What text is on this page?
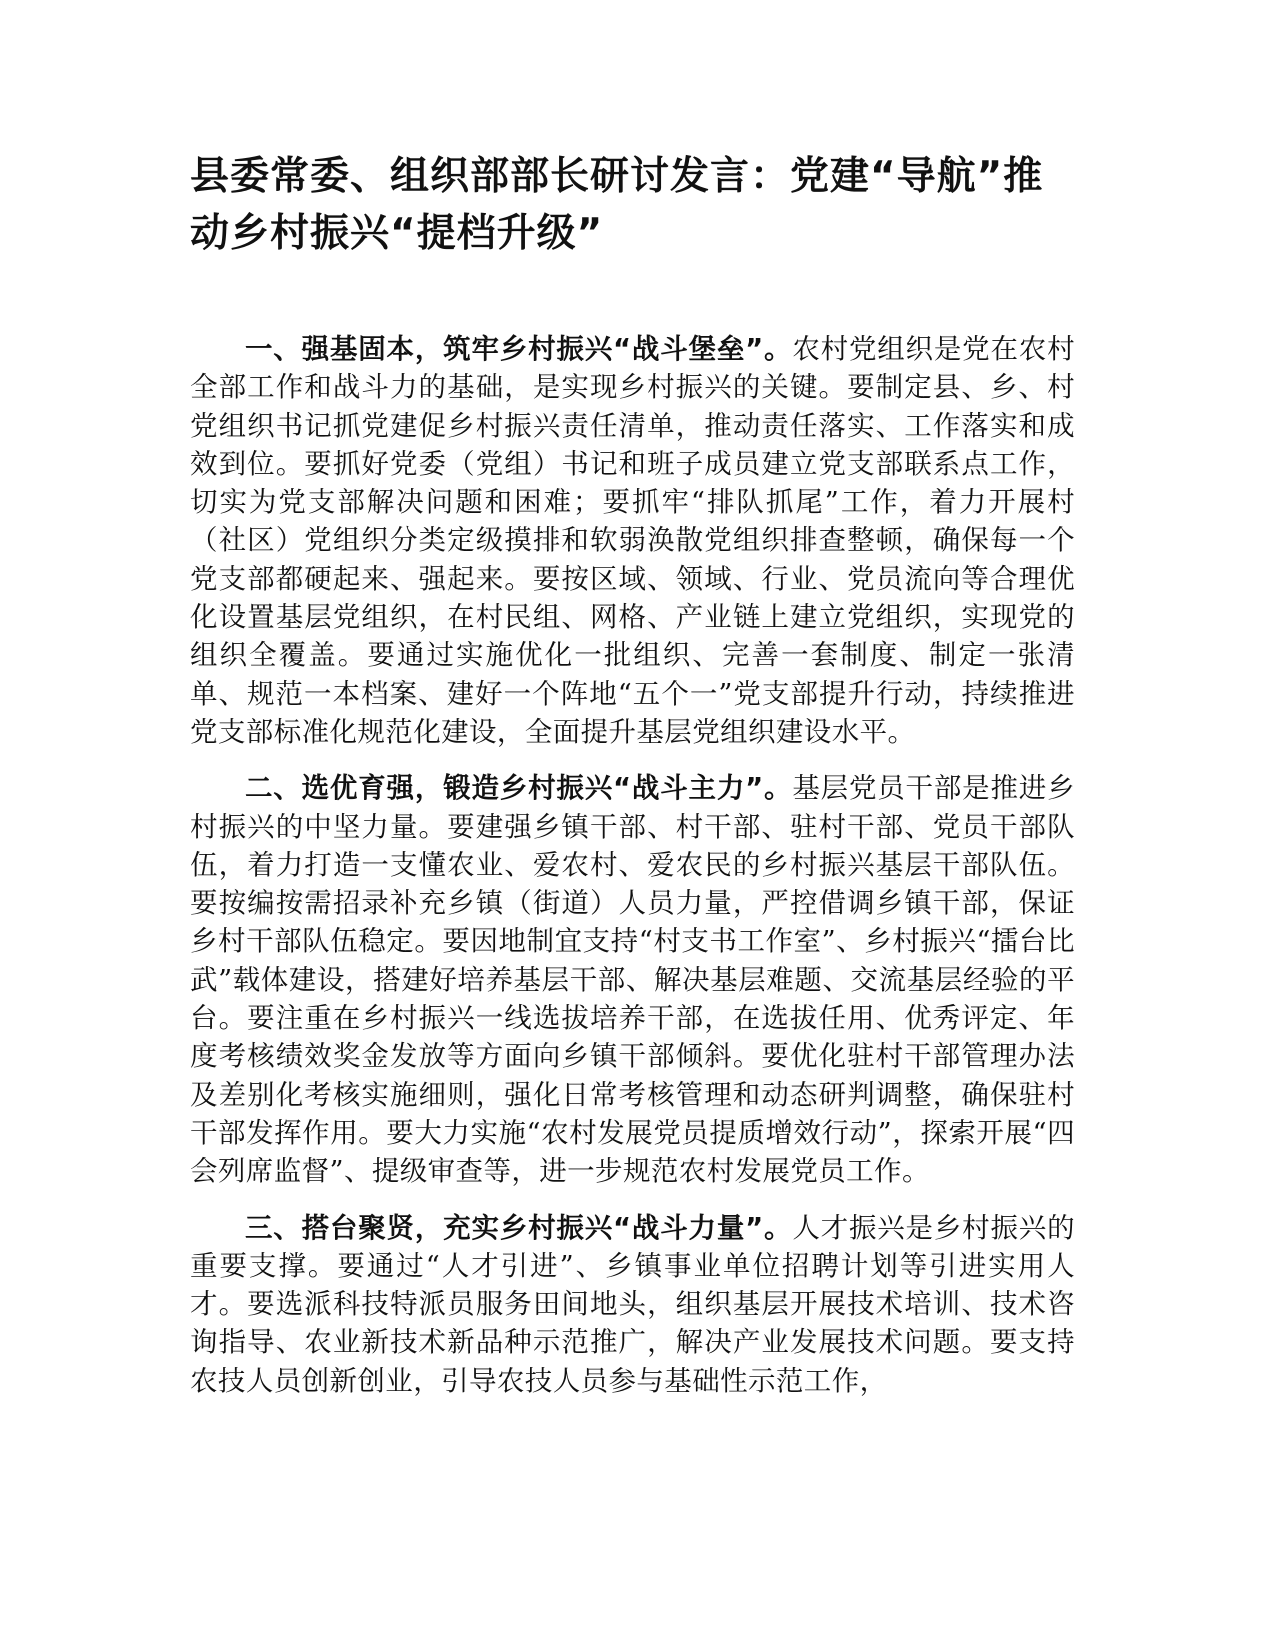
县委常委、组织部部长研讨发言：党建“导航”推动乡村振兴“提档升级”

一、强基固本，筑牢乡村振兴“战斗堡垒”。农村党组织是党在农村全部工作和战斗力的基础，是实现乡村振兴的关键。要制定县、乡、村党组织书记抓党建促乡村振兴责任清单，推动责任落实、工作落实和成效到位。要抓好党委（党组）书记和班子成员建立党支部联系点工作，切实为党支部解决问题和困难；要抓牢“排队抓尾”工作，着力开展村（社区）党组织分类定级摸排和软弱涣散党组织排查整顿，确保每一个党支部都硬起来、强起来。要按区域、领域、行业、党员流向等合理优化设置基层党组织，在村民组、网格、产业链上建立党组织，实现党的组织全覆盖。要通过实施优化一批组织、完善一套制度、制定一张清单、规范一本档案、建好一个阵地“五个一”党支部提升行动，持续推进党支部标准化规范化建设，全面提升基层党组织建设水平。

二、选优育强，锻造乡村振兴“战斗主力”。基层党员干部是推进乡村振兴的中坚力量。要建强乡镇干部、村干部、驻村干部、党员干部队伍，着力打造一支懂农业、爱农村、爱农民的乡村振兴基层干部队伍。要按编按需招录补充乡镇（街道）人员力量，严控借调乡镇干部，保证乡村干部队伍稳定。要因地制宜支持“村支书工作室”、乡村振兴“擂台比武”载体建设，搭建好培养基层干部、解决基层难题、交流基层经验的平台。要注重在乡村振兴一线选拔培养干部，在选拔任用、优秀评定、年度考核绩效奖金发放等方面向乡镇干部倾斜。要优化驻村干部管理办法及差别化考核实施细则，强化日常考核管理和动态研判调整，确保驻村干部发挥作用。要大力实施“农村发展党员提质增效行动”，探索开展“四会列席监督”、提级审查等，进一步规范农村发展党员工作。

三、搭台聚贤，充实乡村振兴“战斗力量”。人才振兴是乡村振兴的重要支撑。要通过“人才引进”、乡镇事业单位招聘计划等引进实用人才。要选派科技特派员服务田间地头，组织基层开展技术培训、技术咨询指导、农业新技术新品种示范推广，解决产业发展技术问题。要支持农技人员创新创业，引导农技人员参与基础性示范工作，
